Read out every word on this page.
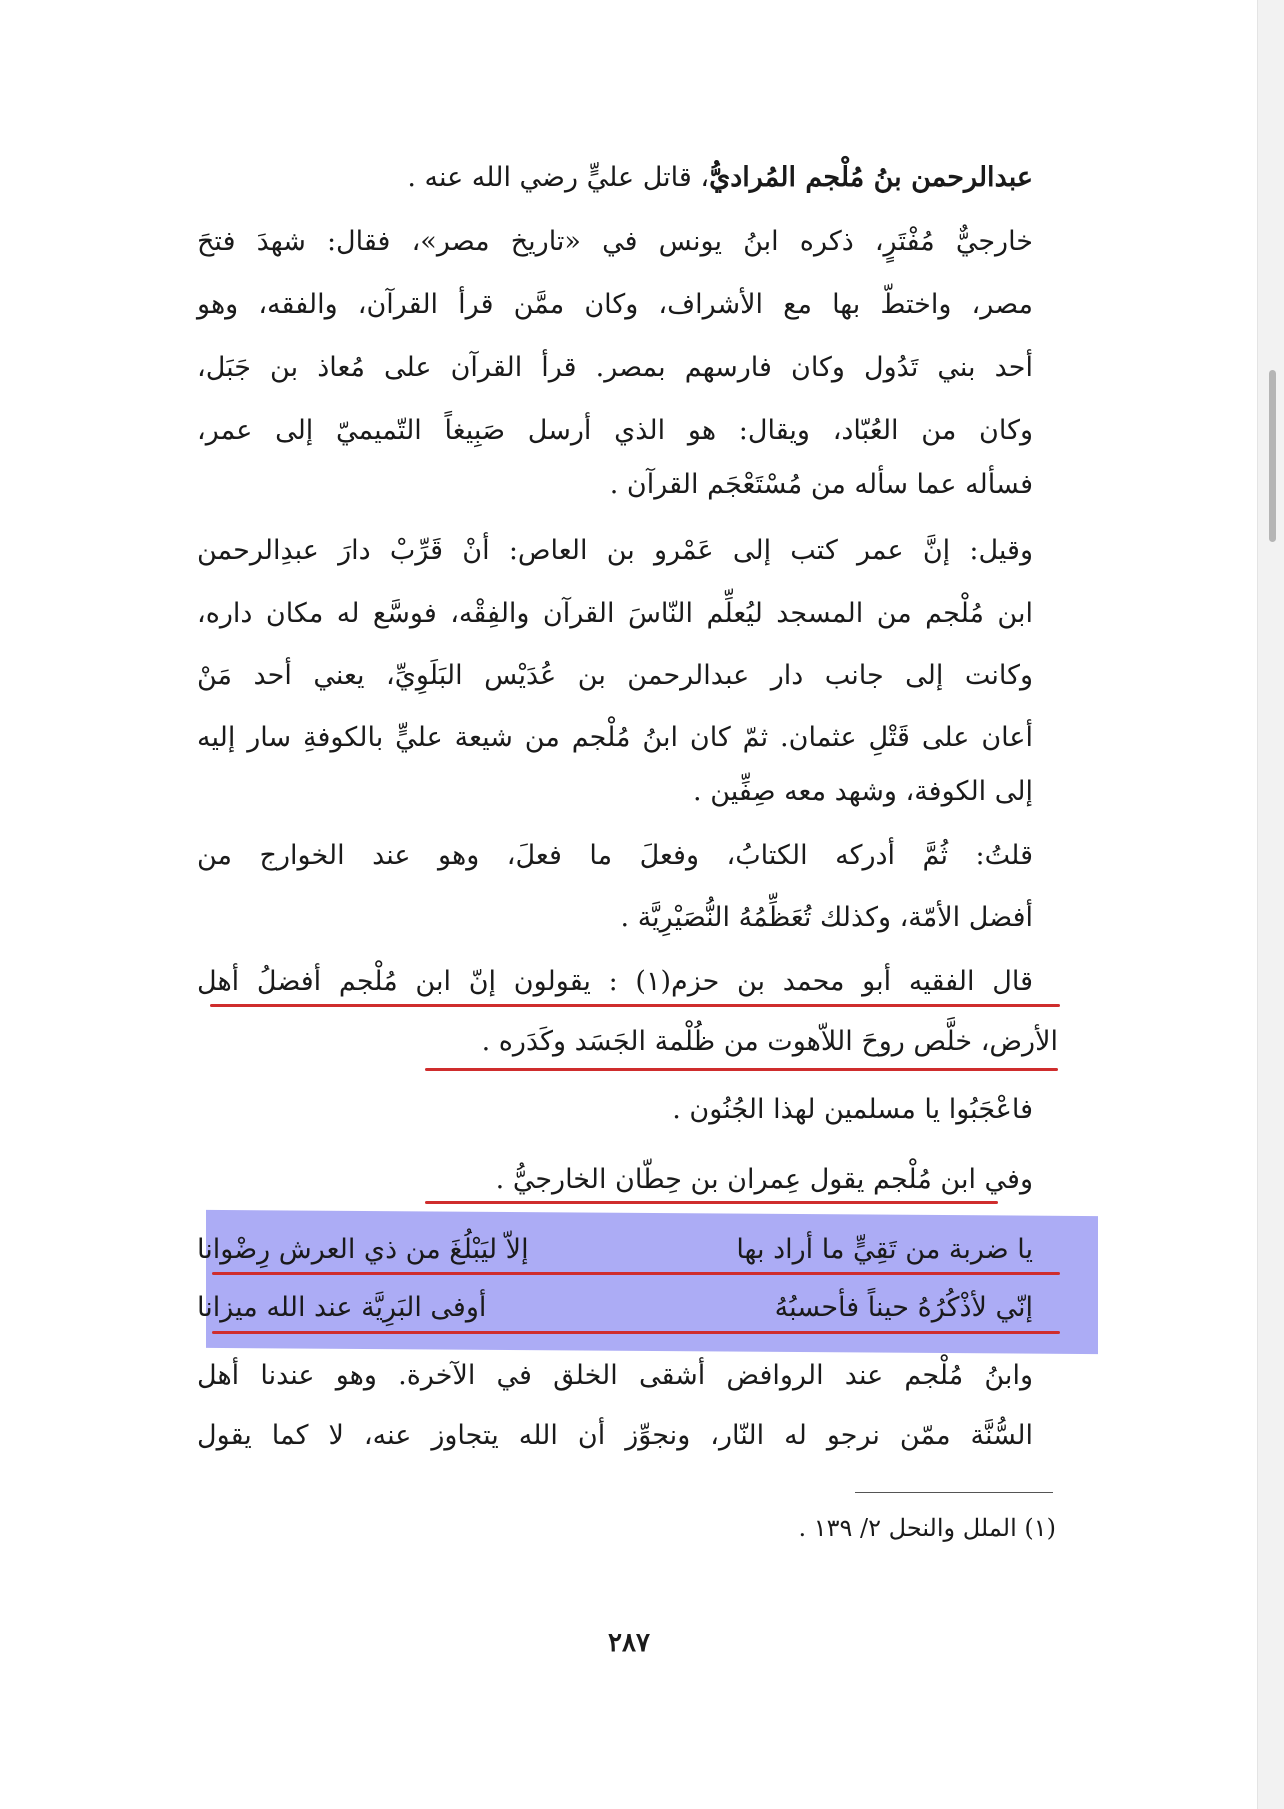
عبدالرحمن بنُ مُلْجم المُراديُّ، قاتل عليٍّ رضي الله عنه .
خارجيٌّ مُفْتَرٍ، ذكره ابنُ يونس في «تاريخ مصر»، فقال: شهدَ فتحَ
مصر، واختطّ بها مع الأشراف، وكان ممَّن قرأ القرآن، والفقه، وهو
أحد بني تَدُول وكان فارسهم بمصر. قرأ القرآن على مُعاذ بن جَبَل،
وكان من العُبّاد، ويقال: هو الذي أرسل صَبِيغاً التّميميّ إلى عمر،
فسأله عما سأله من مُسْتَعْجَم القرآن .
وقيل: إنَّ عمر كتب إلى عَمْرو بن العاص: أنْ قَرِّبْ دارَ عبدِالرحمن
ابن مُلْجم من المسجد ليُعلِّم النّاسَ القرآن والفِقْه، فوسَّع له مكان داره،
وكانت إلى جانب دار عبدالرحمن بن عُدَيْس البَلَوِيِّ، يعني أحد مَنْ
أعان على قَتْلِ عثمان. ثمّ كان ابنُ مُلْجم من شيعة عليٍّ بالكوفةِ سار إليه
إلى الكوفة، وشهد معه صِفِّين .
قلتُ: ثُمَّ أدركه الكتابُ، وفعلَ ما فعلَ، وهو عند الخوارج من
أفضل الأمّة، وكذلك تُعَظِّمُهُ النُّصَيْرِيَّة .
قال الفقيه أبو محمد بن حزم(١) : يقولون إنّ ابن مُلْجم أفضلُ أهل
الأرض، خلَّص روحَ اللاّهوت من ظُلْمة الجَسَد وكَدَره .
فاعْجَبُوا يا مسلمين لهذا الجُنُون .
وفي ابن مُلْجم يقول عِمران بن حِطّان الخارجيُّ .
يا ضربة من تَقِيٍّ ما أراد بها
إلاّ ليَبْلُغَ من ذي العرش رِضْوانا
إنّي لأذْكُرُهُ حيناً فأحسبُهُ
أوفى البَرِيَّة عند الله ميزانا
وابنُ مُلْجم عند الروافض أشقى الخلق في الآخرة. وهو عندنا أهل
السُّنَّة ممّن نرجو له النّار، ونجوِّز أن الله يتجاوز عنه، لا كما يقول
(١) الملل والنحل ٢/ ١٣٩ .
٢٨٧
